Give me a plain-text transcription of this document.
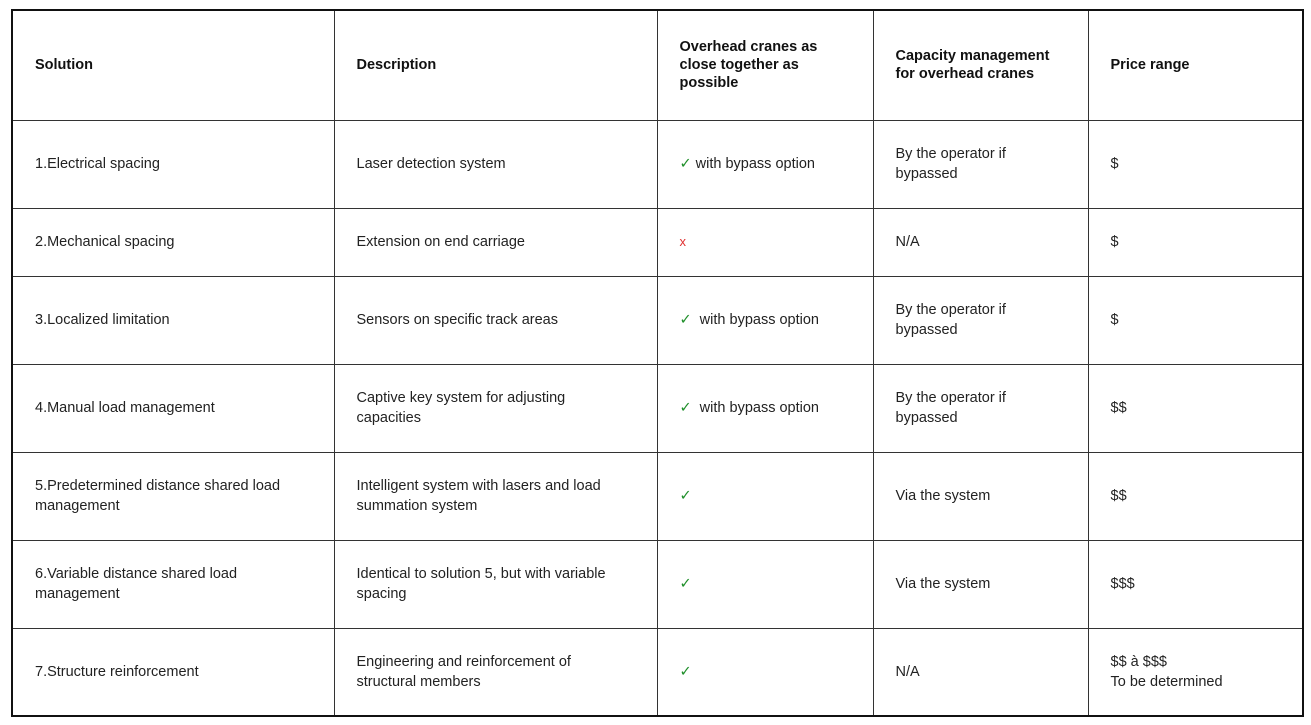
Solution	Description	Overhead cranes as close together as possible	Capacity management for overhead cranes	Price range
1.Electrical spacing	Laser detection system	✓ with bypass option	By the operator if bypassed	$
2.Mechanical spacing	Extension on end carriage	x	N/A	$
3.Localized limitation	Sensors on specific track areas	✓ with bypass option	By the operator if bypassed	$
4.Manual load management	Captive key system for adjusting capacities	✓ with bypass option	By the operator if bypassed	$$
5.Predetermined distance shared load management	Intelligent system with lasers and load summation system	✓	Via the system	$$
6.Variable distance shared load management	Identical to solution 5, but with variable spacing	✓	Via the system	$$$
7.Structure reinforcement	Engineering and reinforcement of structural members	✓	N/A	$$ à $$$
To be determined
